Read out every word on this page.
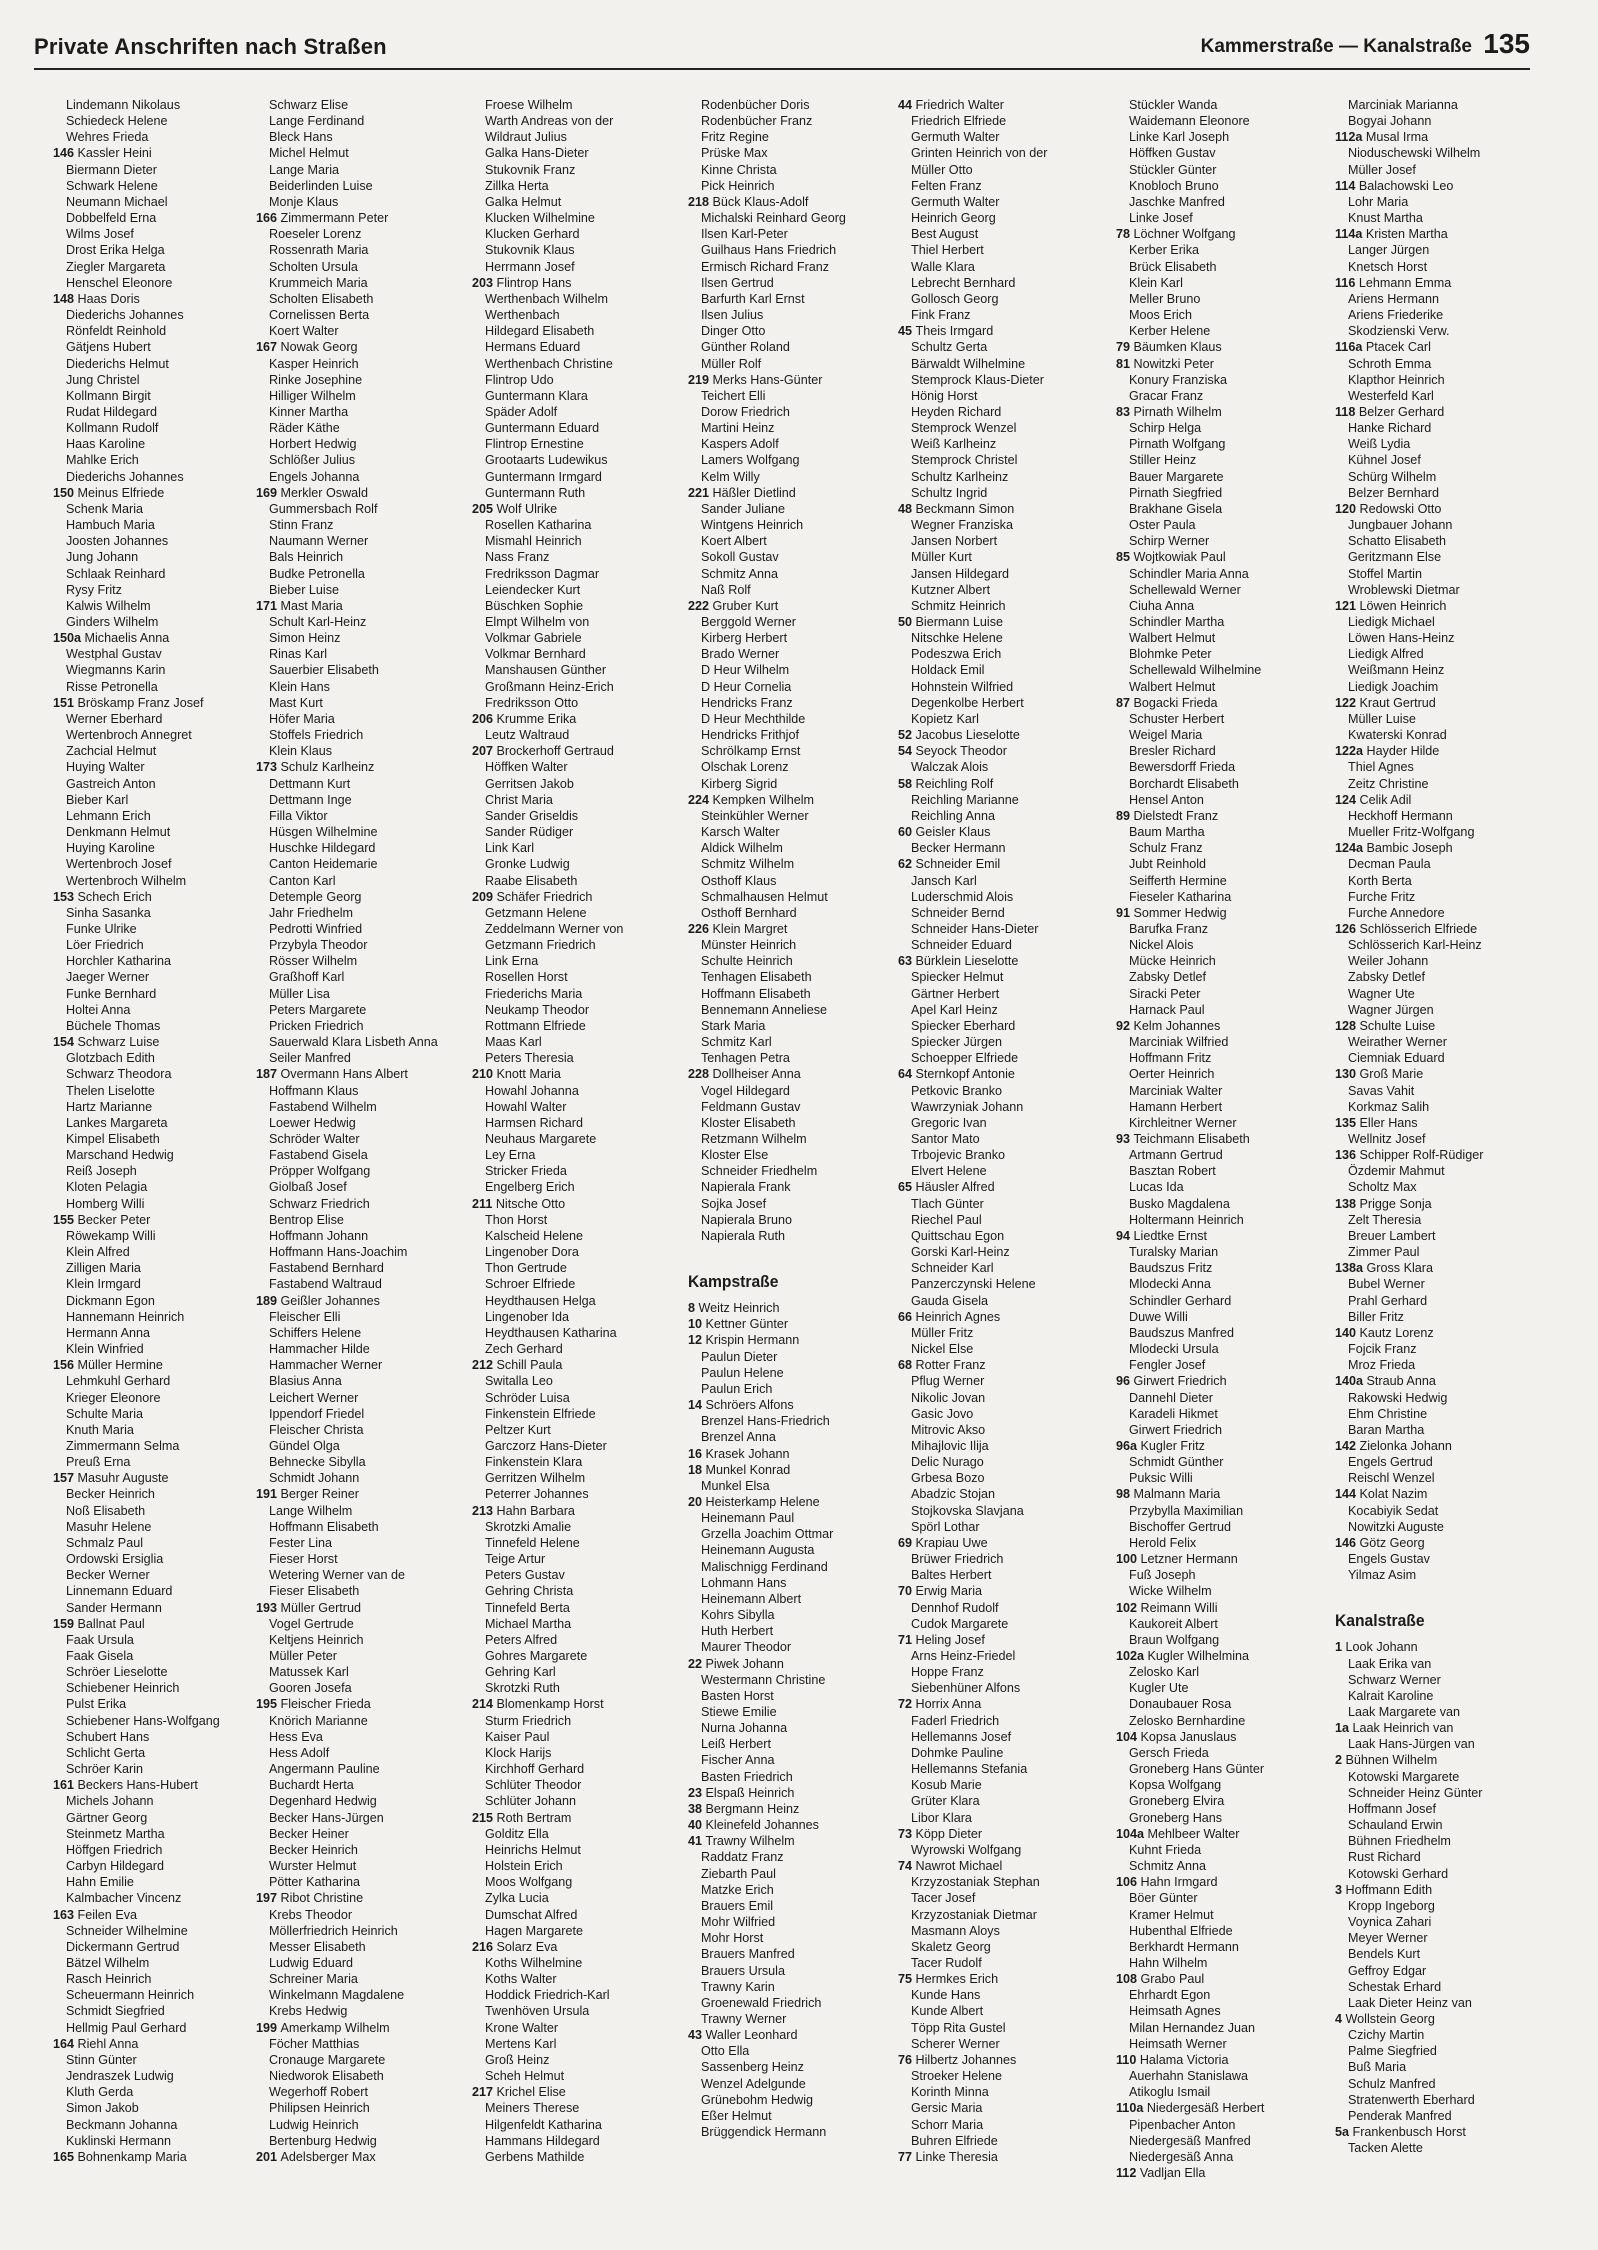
Private Anschriften nach Straßen	Kammerstraße — Kanalstraße 135
Lindemann Nikolaus
Schiedeck Helene
Wehres Frieda
146 Kassler Heini
Biermann Dieter
Schwark Helene
Neumann Michael
Dobbelfeld Erna
Wilms Josef
Drost Erika Helga
Ziegler Margareta
Henschel Eleonore
148 Haas Doris
Diederichs Johannes
Rönfeldt Reinhold
Gätjens Hubert
Diederichs Helmut
Jung Christel
Kollmann Birgit
Rudat Hildegard
Kollmann Rudolf
Haas Karoline
Mahlke Erich
Diederichs Johannes
150 Meinus Elfriede
Schenk Maria
Hambuch Maria
Joosten Johannes
Jung Johann
Schlaak Reinhard
Rysy Fritz
Kalwis Wilhelm
Ginders Wilhelm
150a Michaelis Anna
Westphal Gustav
Wiegmanns Karin
Risse Petronella
151 Bröskamp Franz Josef
Werner Eberhard
Wertenbroch Annegret
Zachcial Helmut
Huying Walter
Gastreich Anton
Bieber Karl
Lehmann Erich
Denkmann Helmut
Huying Karoline
Wertenbroch Josef
Wertenbroch Wilhelm
153 Schech Erich
Sinha Sasanka
Funke Ulrike
Löer Friedrich
Horchler Katharina
Jaeger Werner
Funke Bernhard
Holtei Anna
Büchele Thomas
154 Schwarz Luise
Glotzbach Edith
Schwarz Theodora
Thelen Liselotte
Hartz Marianne
Lankes Margareta
Kimpel Elisabeth
Marschand Hedwig
Reiß Joseph
Kloten Pelagia
Homberg Willi
155 Becker Peter
Röwekamp Willi
Klein Alfred
Zilligen Maria
Klein Irmgard
Dickmann Egon
Hannemann Heinrich
Hermann Anna
Klein Winfried
156 Müller Hermine
Lehmkuhl Gerhard
Krieger Eleonore
Schulte Maria
Knuth Maria
Zimmermann Selma
Preuß Erna
157 Masuhr Auguste
Becker Heinrich
Noß Elisabeth
Masuhr Helene
Schmalz Paul
Ordowski Ersiglia
Becker Werner
Linnemann Eduard
Sander Hermann
159 Ballnat Paul
Faak Ursula
Faak Gisela
Schröer Lieselotte
Schiebener Heinrich
Pulst Erika
Schiebener Hans-Wolfgang
Schubert Hans
Schlicht Gerta
Schröer Karin
161 Beckers Hans-Hubert
Michels Johann
Gärtner Georg
Steinmetz Martha
Höffgen Friedrich
Carbyn Hildegard
Hahn Emilie
Kalmbacher Vincenz
163 Feilen Eva
Schneider Wilhelmine
Dickermann Gertrud
Bätzel Wilhelm
Rasch Heinrich
Scheuermann Heinrich
Schmidt Siegfried
Hellmig Paul Gerhard
164 Riehl Anna
Stinn Günter
Jendraszek Ludwig
Kluth Gerda
Simon Jakob
Beckmann Johanna
Kuklinski Hermann
165 Bohnenkamp Maria
Schwarz Elise
Lange Ferdinand
Bleck Hans
Michel Helmut
Lange Maria
Beiderlinden Luise
Monje Klaus
166 Zimmermann Peter
Roeseler Lorenz
Rossenrath Maria
Scholten Ursula
Krummeich Maria
Scholten Elisabeth
Cornelissen Berta
Koert Walter
167 Nowak Georg
Kasper Heinrich
Rinke Josephine
Hilliger Wilhelm
Kinner Martha
Räder Käthe
Horbert Hedwig
Schlößer Julius
Engels Johanna
169 Merkler Oswald
Gummersbach Rolf
Stinn Franz
Naumann Werner
Bals Heinrich
Budke Petronella
Bieber Luise
171 Mast Maria
Schult Karl-Heinz
Simon Heinz
Rinas Karl
Sauerbier Elisabeth
Klein Hans
Mast Kurt
Höfer Maria
Stoffels Friedrich
Klein Klaus
173 Schulz Karlheinz
Dettmann Kurt
Dettmann Inge
Filla Viktor
Hüsgen Wilhelmine
Huschke Hildegard
Canton Heidemarie
Canton Karl
Detemple Georg
Jahr Friedhelm
Pedrotti Winfried
Przybyla Theodor
Rösser Wilhelm
Graßhoff Karl
Müller Lisa
Peters Margarete
Pricken Friedrich
Sauerwald Klara Lisbeth Anna
Seiler Manfred
187 Overmann Hans Albert
Hoffmann Klaus
Fastabend Wilhelm
Loewer Hedwig
Schröder Walter
Fastabend Gisela
Pröpper Wolfgang
Giolbaß Josef
Schwarz Friedrich
Bentrop Elise
Hoffmann Johann
Hoffmann Hans-Joachim
Fastabend Bernhard
Fastabend Waltraud
189 Geißler Johannes
Fleischer Elli
Schiffers Helene
Hammacher Hilde
Hammacher Werner
Blasius Anna
Leichert Werner
Ippendorf Friedel
Fleischer Christa
Gündel Olga
Behnecke Sibylla
Schmidt Johann
191 Berger Reiner
Lange Wilhelm
Hoffmann Elisabeth
Fester Lina
Fieser Horst
Wetering Werner van de
Fieser Elisabeth
193 Müller Gertrud
Vogel Gertrude
Keltjens Heinrich
Müller Peter
Matussek Karl
Gooren Josefa
195 Fleischer Frieda
Knörich Marianne
Hess Eva
Hess Adolf
Angermann Pauline
Buchardt Herta
Degenhard Hedwig
Becker Hans-Jürgen
Becker Heiner
Becker Heinrich
Wurster Helmut
Pötter Katharina
197 Ribot Christine
Krebs Theodor
Möllerfriedrich Heinrich
Messer Elisabeth
Ludwig Eduard
Schreiner Maria
Winkelmann Magdalene
Krebs Hedwig
199 Amerkamp Wilhelm
Föcher Matthias
Cronauge Margarete
Niedworok Elisabeth
Wegerhoff Robert
Philipsen Heinrich
Ludwig Heinrich
Bertenburg Hedwig
201 Adelsberger Max
Froese Wilhelm
Warth Andreas von der
Wildraut Julius
Galka Hans-Dieter
Stukovnik Franz
Zillka Herta
Galka Helmut
Klucken Wilhelmine
Klucken Gerhard
Stukovnik Klaus
Herrmann Josef
203 Flintrop Hans
Werthenbach Wilhelm
Werthenbach
Hildegard Elisabeth
Hermans Eduard
Werthenbach Christine
Flintrop Udo
Guntermann Klara
Späder Adolf
Guntermann Eduard
Flintrop Ernestine
Grootaarts Ludewikus
Guntermann Irmgard
Guntermann Ruth
205 Wolf Ulrike
Rosellen Katharina
Mismahl Heinrich
Nass Franz
Fredriksson Dagmar
Leiendecker Kurt
Büschken Sophie
Elmpt Wilhelm von
Volkmar Gabriele
Volkmar Bernhard
Manshausen Günther
Großmann Heinz-Erich
Fredriksson Otto
206 Krumme Erika
Leutz Waltraud
207 Brockerhoff Gertraud
Höffken Walter
Gerritsen Jakob
Christ Maria
Sander Griseldis
Sander Rüdiger
Link Karl
Gronke Ludwig
Raabe Elisabeth
209 Schäfer Friedrich
Getzmann Helene
Zeddelmann Werner von
Getzmann Friedrich
Link Erna
Rosellen Horst
Friederichs Maria
Neukamp Theodor
Rottmann Elfriede
Maas Karl
Peters Theresia
210 Knott Maria
Howahl Johanna
Howahl Walter
Harmsen Richard
Neuhaus Margarete
Ley Erna
Stricker Frieda
Engelberg Erich
211 Nitsche Otto
Thon Horst
Kalscheid Helene
Lingenober Dora
Thon Gertrude
Schroer Elfriede
Heydthausen Helga
Lingenober Ida
Heydthausen Katharina
Zech Gerhard
212 Schill Paula
Switalla Leo
Schröder Luisa
Finkenstein Elfriede
Peltzer Kurt
Garczorz Hans-Dieter
Finkenstein Klara
Gerritzen Wilhelm
Peterrer Johannes
213 Hahn Barbara
Skrotzki Amalie
Tinnefeld Helene
Teige Artur
Peters Gustav
Gehring Christa
Tinnefeld Berta
Michael Martha
Peters Alfred
Gohres Margarete
Gehring Karl
Skrotzki Ruth
214 Blomenkamp Horst
Sturm Friedrich
Kaiser Paul
Klock Harijs
Kirchhoff Gerhard
Schlüter Theodor
Schlüter Johann
215 Roth Bertram
Golditz Ella
Heinrichs Helmut
Holstein Erich
Moos Wolfgang
Zylka Lucia
Dumschat Alfred
Hagen Margarete
216 Solarz Eva
Koths Wilhelmine
Koths Walter
Hoddick Friedrich-Karl
Twenhöven Ursula
Krone Walter
Mertens Karl
Groß Heinz
Scheh Helmut
217 Krichel Elise
Meiners Therese
Hilgenfeldt Katharina
Hammans Hildegard
Gerbens Mathilde
Rodenbücher Doris
Rodenbücher Franz
Fritz Regine
Prüske Max
Kinne Christa
Pick Heinrich
218 Bück Klaus-Adolf
Michalski Reinhard Georg
Ilsen Karl-Peter
Guilhaus Hans Friedrich
Ermisch Richard Franz
Ilsen Gertrud
Barfurth Karl Ernst
Ilsen Julius
Dinger Otto
Günther Roland
Müller Rolf
219 Merks Hans-Günter
Teichert Elli
Dorow Friedrich
Martini Heinz
Kaspers Adolf
Lamers Wolfgang
Kelm Willy
221 Häßler Dietlind
Sander Juliane
Wintgens Heinrich
Koert Albert
Sokoll Gustav
Schmitz Anna
Naß Rolf
222 Gruber Kurt
Berggold Werner
Kirberg Herbert
Brado Werner
D Heur Wilhelm
D Heur Cornelia
Hendricks Franz
D Heur Mechthilde
Hendricks Frithjof
Schrölkamp Ernst
Olschak Lorenz
Kirberg Sigrid
224 Kempken Wilhelm
Steinkühler Werner
Karsch Walter
Aldick Wilhelm
Schmitz Wilhelm
Osthoff Klaus
Schmalhausen Helmut
Osthoff Bernhard
226 Klein Margret
Münster Heinrich
Schulte Heinrich
Tenhagen Elisabeth
Hoffmann Elisabeth
Bennemann Anneliese
Stark Maria
Schmitz Karl
Tenhagen Petra
228 Dollheiser Anna
Vogel Hildegard
Feldmann Gustav
Kloster Elisabeth
Retzmann Wilhelm
Kloster Else
Schneider Friedhelm
Napierala Frank
Sojka Josef
Napierala Bruno
Napierala Ruth
Kampstraße
8 Weitz Heinrich
10 Kettner Günter
12 Krispin Hermann
Paulun Dieter
Paulun Helene
Paulun Erich
14 Schröers Alfons
Brenzel Hans-Friedrich
Brenzel Anna
16 Krasek Johann
18 Munkel Konrad
Munkel Elsa
20 Heisterkamp Helene
Heinemann Paul
Grzella Joachim Ottmar
Heinemann Augusta
Malischnigg Ferdinand
Lohmann Hans
Heinemann Albert
Kohrs Sibylla
Huth Herbert
Maurer Theodor
22 Piwek Johann
Westermann Christine
Basten Horst
Stiewe Emilie
Nurna Johanna
Leiß Herbert
Fischer Anna
Basten Friedrich
23 Elspaß Heinrich
38 Bergmann Heinz
40 Kleinefeld Johannes
41 Trawny Wilhelm
Raddatz Franz
Ziebarth Paul
Matzke Erich
Brauers Emil
Mohr Wilfried
Mohr Horst
Brauers Manfred
Brauers Ursula
Trawny Karin
Groenewald Friedrich
Trawny Werner
43 Waller Leonhard
Otto Ella
Sassenberg Heinz
Wenzel Adelgunde
Grünebohm Hedwig
Eßer Helmut
Brüggendick Hermann
44 Friedrich Walter
Friedrich Elfriede
Germuth Walter
Grinten Heinrich von der
Müller Otto
Felten Franz
Germuth Walter
Heinrich Georg
Best August
Thiel Herbert
Walle Klara
Lebrecht Bernhard
Gollosch Georg
Fink Franz
45 Theis Irmgard
Schultz Gerta
Bärwaldt Wilhelmine
Stemprock Klaus-Dieter
Hönig Horst
Heyden Richard
Stemprock Wenzel
Weiß Karlheinz
Stemprock Christel
Schultz Karlheinz
Schultz Ingrid
48 Beckmann Simon
Wegner Franziska
Jansen Norbert
Müller Kurt
Jansen Hildegard
Kutzner Albert
Schmitz Heinrich
50 Biermann Luise
Nitschke Helene
Podeszwa Erich
Holdack Emil
Hohnstein Wilfried
Degenkolbe Herbert
Kopietz Karl
52 Jacobus Lieselotte
54 Seyock Theodor
Walczak Alois
58 Reichling Rolf
Reichling Marianne
Reichling Anna
60 Geisler Klaus
Becker Hermann
62 Schneider Emil
Jansch Karl
Luderschmid Alois
Schneider Bernd
Schneider Hans-Dieter
Schneider Eduard
63 Bürklein Lieselotte
Spiecker Helmut
Gärtner Herbert
Apel Karl Heinz
Spiecker Eberhard
Spiecker Jürgen
Schoepper Elfriede
64 Sternkopf Antonie
Petkovic Branko
Wawrzyniak Johann
Gregoric Ivan
Santor Mato
Trbojevic Branko
Elvert Helene
65 Häusler Alfred
Tlach Günter
Riechel Paul
Quittschau Egon
Gorski Karl-Heinz
Schneider Karl
Panzerczynski Helene
Gauda Gisela
66 Heinrich Agnes
Müller Fritz
Nickel Else
68 Rotter Franz
Pflug Werner
Nikolic Jovan
Gasic Jovo
Mitrovic Akso
Mihajlovic Ilija
Delic Nurago
Grbesa Bozo
Abadzic Stojan
Stojkovska Slavjana
Spörl Lothar
69 Krapiau Uwe
Brüwer Friedrich
Baltes Herbert
70 Erwig Maria
Dennhof Rudolf
Cudok Margarete
71 Heling Josef
Arns Heinz-Friedel
Hoppe Franz
Siebenhüner Alfons
72 Horrix Anna
Faderl Friedrich
Hellemanns Josef
Dohmke Pauline
Hellemanns Stefania
Kosub Marie
Grüter Klara
Libor Klara
73 Köpp Dieter
Wyrowski Wolfgang
74 Nawrot Michael
Krzyzostaniak Stephan
Tacer Josef
Krzyzostaniak Dietmar
Masmann Aloys
Skaletz Georg
Tacer Rudolf
75 Hermkes Erich
Kunde Hans
Kunde Albert
Töpp Rita Gustel
Scherer Werner
76 Hilbertz Johannes
Stroeker Helene
Korinth Minna
Gersic Maria
Schorr Maria
Buhren Elfriede
77 Linke Theresia
Stückler Wanda
Waidemann Eleonore
Linke Karl Joseph
Höffken Gustav
Stückler Günter
Knobloch Bruno
Jaschke Manfred
Linke Josef
78 Löchner Wolfgang
Kerber Erika
Brück Elisabeth
Klein Karl
Meller Bruno
Moos Erich
Kerber Helene
79 Bäumken Klaus
81 Nowitzki Peter
Konury Franziska
Gracar Franz
83 Pirnath Wilhelm
Schirp Helga
Pirnath Wolfgang
Stiller Heinz
Bauer Margarete
Pirnath Siegfried
Brakhane Gisela
Oster Paula
Schirp Werner
85 Wojtkowiak Paul
Schindler Maria Anna
Schellewald Werner
Ciuha Anna
Schindler Martha
Walbert Helmut
Blohmke Peter
Schellewald Wilhelmine
Walbert Helmut
87 Bogacki Frieda
Schuster Herbert
Weigel Maria
Bresler Richard
Bewersdorff Frieda
Borchardt Elisabeth
Hensel Anton
89 Dielstedt Franz
Baum Martha
Schulz Franz
Jubt Reinhold
Seifferth Hermine
Fieseler Katharina
91 Sommer Hedwig
Barufka Franz
Nickel Alois
Mücke Heinrich
Zabsky Detlef
Siracki Peter
Harnack Paul
92 Kelm Johannes
Marciniak Wilfried
Hoffmann Fritz
Oerter Heinrich
Marciniak Walter
Hamann Herbert
Kirchleitner Werner
93 Teichmann Elisabeth
Artmann Gertrud
Basztan Robert
Lucas Ida
Busko Magdalena
Holtermann Heinrich
94 Liedtke Ernst
Turalsky Marian
Baudszus Fritz
Mlodecki Anna
Schindler Gerhard
Duwe Willi
Baudszus Manfred
Mlodecki Ursula
Fengler Josef
96 Girwert Friedrich
Dannehl Dieter
Karadeli Hikmet
Girwert Friedrich
96a Kugler Fritz
Schmidt Günther
Puksic Willi
98 Malmann Maria
Przybylla Maximilian
Bischoffer Gertrud
Herold Felix
100 Letzner Hermann
Fuß Joseph
Wicke Wilhelm
102 Reimann Willi
Kaukoreit Albert
Braun Wolfgang
102a Kugler Wilhelmina
Zelosko Karl
Kugler Ute
Donaubauer Rosa
Zelosko Bernhardine
104 Kopsa Januslaus
Gersch Frieda
Groneberg Hans Günter
Kopsa Wolfgang
Groneberg Elvira
Groneberg Hans
104a Mehlbeer Walter
Kuhnt Frieda
Schmitz Anna
106 Hahn Irmgard
Böer Günter
Kramer Helmut
Hubenthal Elfriede
Berkhardt Hermann
Hahn Wilhelm
108 Grabo Paul
Ehrhardt Egon
Heimsath Agnes
Milan Hernandez Juan
Heimsath Werner
110 Halama Victoria
Auerhahn Stanislawa
Atikoglu Ismail
110a Niedergesäß Herbert
Pipenbacher Anton
Niedergesäß Manfred
Niedergesäß Anna
112 Vadljan Ella
Marciniak Marianna
Bogyai Johann
112a Musal Irma
Nioduschewski Wilhelm
Müller Josef
114 Balachowski Leo
Lohr Maria
Knust Martha
114a Kristen Martha
Langer Jürgen
Knetsch Horst
116 Lehmann Emma
Ariens Hermann
Ariens Friederike
Skodzienski Verw.
116a Ptacek Carl
Schroth Emma
Klapthor Heinrich
Westerfeld Karl
118 Belzer Gerhard
Hanke Richard
Weiß Lydia
Kühnel Josef
Schürg Wilhelm
Belzer Bernhard
120 Redowski Otto
Jungbauer Johann
Schatto Elisabeth
Geritzmann Else
Stoffel Martin
Wroblewski Dietmar
121 Löwen Heinrich
Liedigk Michael
Löwen Hans-Heinz
Liedigk Alfred
Weißmann Heinz
Liedigk Joachim
122 Kraut Gertrud
Müller Luise
Kwaterski Konrad
122a Hayder Hilde
Thiel Agnes
Zeitz Christine
124 Celik Adil
Heckhoff Hermann
Mueller Fritz-Wolfgang
124a Bambic Joseph
Decman Paula
Korth Berta
Furche Fritz
Furche Annedore
126 Schlösserich Elfriede
Schlösserich Karl-Heinz
Weiler Johann
Zabsky Detlef
Wagner Ute
Wagner Jürgen
128 Schulte Luise
Weirather Werner
Ciemniak Eduard
130 Groß Marie
Savas Vahit
Korkmaz Salih
135 Eller Hans
Wellnitz Josef
136 Schipper Rolf-Rüdiger
Özdemir Mahmut
Scholtz Max
138 Prigge Sonja
Zelt Theresia
Breuer Lambert
Zimmer Paul
138a Gross Klara
Bubel Werner
Prahl Gerhard
Biller Fritz
140 Kautz Lorenz
Fojcik Franz
Mroz Frieda
140a Straub Anna
Rakowski Hedwig
Ehm Christine
Baran Martha
142 Zielonka Johann
Engels Gertrud
Reischl Wenzel
144 Kolat Nazim
Kocabiyik Sedat
Nowitzki Auguste
146 Götz Georg
Engels Gustav
Yilmaz Asim
Kanalstraße
1 Look Johann
Laak Erika van
Schwarz Werner
Kalrait Karoline
Laak Margarete van
1a Laak Heinrich van
Laak Hans-Jürgen van
2 Bühnen Wilhelm
Kotowski Margarete
Schneider Heinz Günter
Hoffmann Josef
Schauland Erwin
Bühnen Friedhelm
Rust Richard
Kotowski Gerhard
3 Hoffmann Edith
Kropp Ingeborg
Voynica Zahari
Meyer Werner
Bendels Kurt
Geffroy Edgar
Schestak Erhard
Laak Dieter Heinz van
4 Wollstein Georg
Czichy Martin
Palme Siegfried
Buß Maria
Schulz Manfred
Stratenwerth Eberhard
Penderak Manfred
5a Frankenbusch Horst
Tacken Alette
